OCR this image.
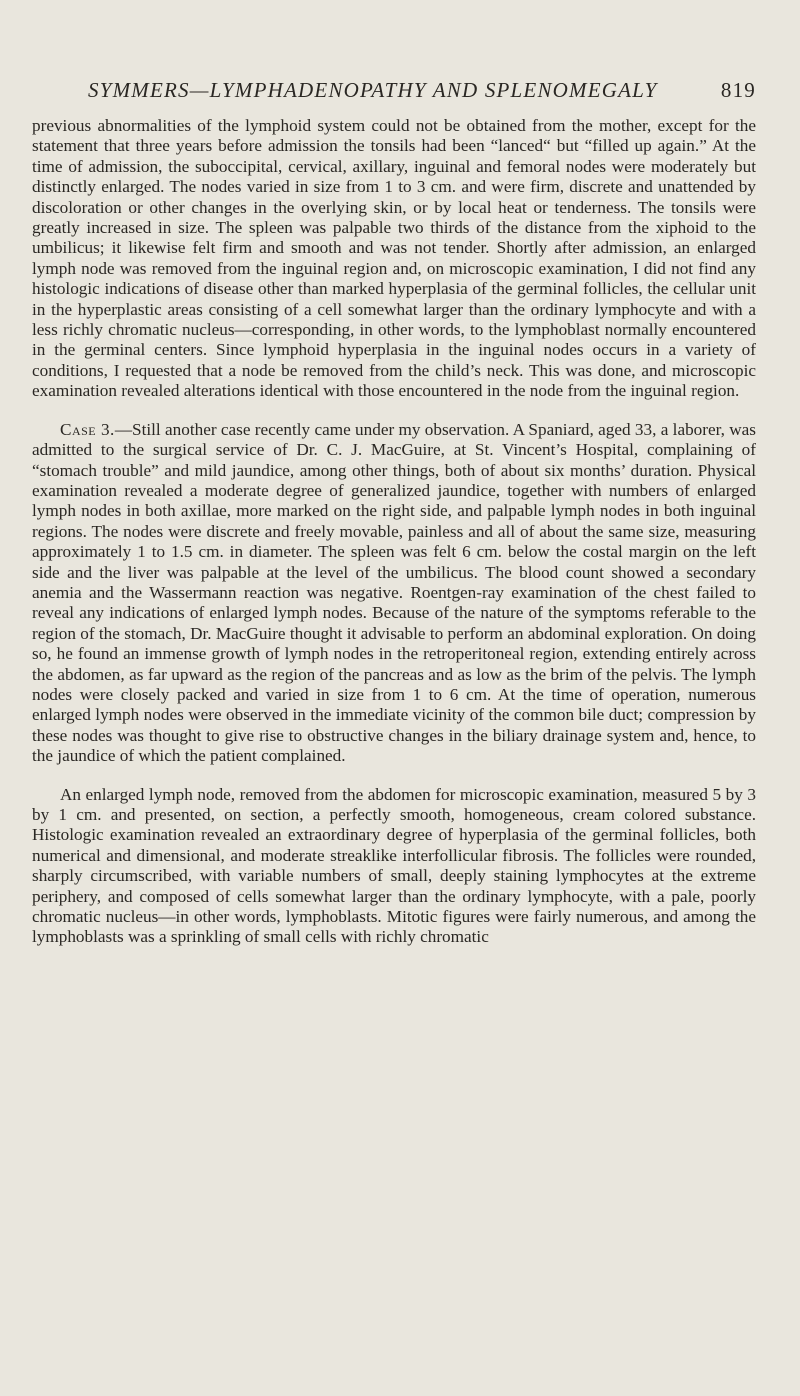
SYMMERS—LYMPHADENOPATHY AND SPLENOMEGALY	819

previous abnormalities of the lymphoid system could not be obtained from the mother, except for the statement that three years before admission the tonsils had been “lanced“ but “filled up again.” At the time of admission, the suboccipital, cervical, axillary, inguinal and femoral nodes were moderately but distinctly enlarged. The nodes varied in size from 1 to 3 cm. and were firm, discrete and unattended by discoloration or other changes in the overlying skin, or by local heat or tenderness. The tonsils were greatly increased in size. The spleen was palpable two thirds of the distance from the xiphoid to the umbilicus; it likewise felt firm and smooth and was not tender. Shortly after admission, an enlarged lymph node was removed from the inguinal region and, on microscopic examination, I did not find any histologic indications of disease other than marked hyperplasia of the germinal follicles, the cellular unit in the hyperplastic areas consisting of a cell somewhat larger than the ordinary lymphocyte and with a less richly chromatic nucleus—corresponding, in other words, to the lymphoblast normally encountered in the germinal centers. Since lymphoid hyperplasia in the inguinal nodes occurs in a variety of conditions, I requested that a node be removed from the child’s neck. This was done, and microscopic examination revealed alterations identical with those encountered in the node from the inguinal region.

Case 3.—Still another case recently came under my observation. A Spaniard, aged 33, a laborer, was admitted to the surgical service of Dr. C. J. MacGuire, at St. Vincent’s Hospital, complaining of “stomach trouble” and mild jaundice, among other things, both of about six months’ duration. Physical examination revealed a moderate degree of generalized jaundice, together with numbers of enlarged lymph nodes in both axillae, more marked on the right side, and palpable lymph nodes in both inguinal regions. The nodes were discrete and freely movable, painless and all of about the same size, measuring approximately 1 to 1.5 cm. in diameter. The spleen was felt 6 cm. below the costal margin on the left side and the liver was palpable at the level of the umbilicus. The blood count showed a secondary anemia and the Wassermann reaction was negative. Roentgen-ray examination of the chest failed to reveal any indications of enlarged lymph nodes. Because of the nature of the symptoms referable to the region of the stomach, Dr. MacGuire thought it advisable to perform an abdominal exploration. On doing so, he found an immense growth of lymph nodes in the retroperitoneal region, extending entirely across the abdomen, as far upward as the region of the pancreas and as low as the brim of the pelvis. The lymph nodes were closely packed and varied in size from 1 to 6 cm. At the time of operation, numerous enlarged lymph nodes were observed in the immediate vicinity of the common bile duct; compression by these nodes was thought to give rise to obstructive changes in the biliary drainage system and, hence, to the jaundice of which the patient complained.

An enlarged lymph node, removed from the abdomen for microscopic examination, measured 5 by 3 by 1 cm. and presented, on section, a perfectly smooth, homogeneous, cream colored substance. Histologic examination revealed an extraordinary degree of hyperplasia of the germinal follicles, both numerical and dimensional, and moderate streaklike interfollicular fibrosis. The follicles were rounded, sharply circumscribed, with variable numbers of small, deeply staining lymphocytes at the extreme periphery, and composed of cells somewhat larger than the ordinary lymphocyte, with a pale, poorly chromatic nucleus—in other words, lymphoblasts. Mitotic figures were fairly numerous, and among the lymphoblasts was a sprinkling of small cells with richly chromatic
